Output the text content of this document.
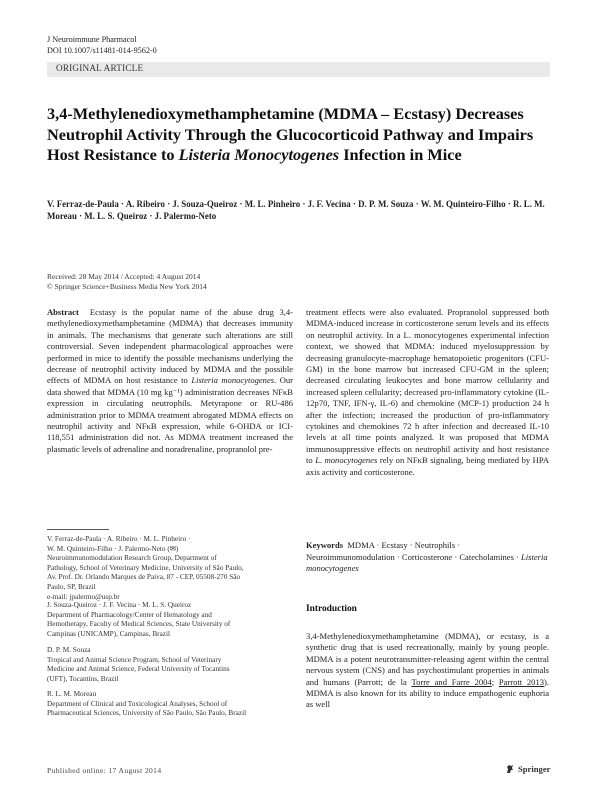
J Neuroimmune Pharmacol
DOI 10.1007/s11481-014-9562-0
ORIGINAL ARTICLE
3,4-Methylenedioxymethamphetamine (MDMA – Ecstasy) Decreases Neutrophil Activity Through the Glucocorticoid Pathway and Impairs Host Resistance to Listeria Monocytogenes Infection in Mice
V. Ferraz-de-Paula · A. Ribeiro · J. Souza-Queiroz · M. L. Pinheiro · J. F. Vecina · D. P. M. Souza · W. M. Quinteiro-Filho · R. L. M. Moreau · M. L. S. Queiroz · J. Palermo-Neto
Received: 28 May 2014 / Accepted: 4 August 2014
© Springer Science+Business Media New York 2014
Abstract Ecstasy is the popular name of the abuse drug 3,4-methylenedioxymethamphetamine (MDMA) that decreases immunity in animals. The mechanisms that generate such alterations are still controversial. Seven independent pharmacological approaches were performed in mice to identify the possible mechanisms underlying the decrease of neutrophil activity induced by MDMA and the possible effects of MDMA on host resistance to Listeria monocytogenes. Our data showed that MDMA (10 mg kg⁻¹) administration decreases NFκB expression in circulating neutrophils. Metyrapone or RU-486 administration prior to MDMA treatment abrogated MDMA effects on neutrophil activity and NFκB expression, while 6-OHDA or ICI-118,551 administration did not. As MDMA treatment increased the plasmatic levels of adrenaline and noradrenaline, propranolol pre-
treatment effects were also evaluated. Propranolol suppressed both MDMA-induced increase in corticosterone serum levels and its effects on neutrophil activity. In a L. monocytogenes experimental infection context, we showed that MDMA: induced myelosuppression by decreasing granulocyte-macrophage hematopoietic progenitors (CFU-GM) in the bone marrow but increased CFU-GM in the spleen; decreased circulating leukocytes and bone marrow cellularity and increased spleen cellularity; decreased pro-inflammatory cytokine (IL-12p70, TNF, IFN-γ, IL-6) and chemokine (MCP-1) production 24 h after the infection; increased the production of pro-inflammatory cytokines and chemokines 72 h after infection and decreased IL-10 levels at all time points analyzed. It was proposed that MDMA immunosuppressive effects on neutrophil activity and host resistance to L. monocytogenes rely on NFκB signaling, being mediated by HPA axis activity and corticosterone.
V. Ferraz-de-Paula · A. Ribeiro · M. L. Pinheiro ·
W. M. Quinteiro-Filho · J. Palermo-Neto (✉)
Neuroimmunomodulation Research Group, Department of
Pathology, School of Veterinary Medicine, University of São Paulo,
Av. Prof. Dr. Orlando Marques de Paiva, 87 - CEP, 05508-270 São
Paulo, SP, Brazil
e-mail: jpalermo@usp.br
J. Souza-Queiroz · J. F. Vecina · M. L. S. Queiroz
Department of Pharmacology/Center of Hematology and
Hemotherapy, Faculty of Medical Sciences, State University of
Campinas (UNICAMP), Campinas, Brazil
D. P. M. Souza
Tropical and Animal Science Program, School of Veterinary
Medicine and Animal Science, Federal University of Tocantins
(UFT), Tocantins, Brazil
R. L. M. Moreau
Department of Clinical and Toxicological Analyses, School of
Pharmaceutical Sciences, University of São Paulo, São Paulo, Brazil
Keywords MDMA · Ecstasy · Neutrophils · Neuroimmunomodulation · Corticosterone · Catecholamines · Listeria monocytogenes
Introduction
3,4-Methylenedioxymethamphetamine (MDMA), or ecstasy, is a synthetic drug that is used recreationally, mainly by young people. MDMA is a potent neurotransmitter-releasing agent within the central nervous system (CNS) and has psychostimulant properties in animals and humans (Parrott; de la Torre and Farre 2004; Parrott 2013). MDMA is also known for its ability to induce empathogenic euphoria as well
Published online: 17 August 2014	Springer
